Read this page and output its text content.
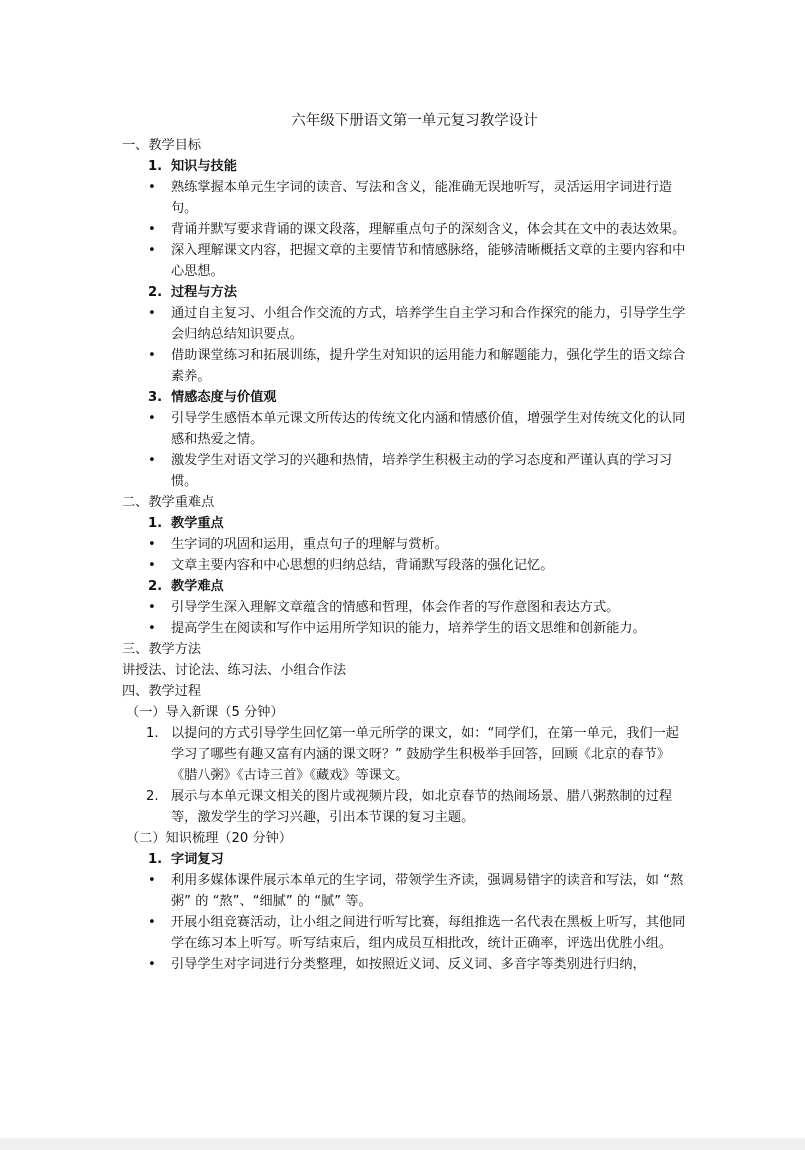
六年级下册语文第一单元复习教学设计
一、教学目标
1. 知识与技能
• 熟练掌握本单元生字词的读音、写法和含义，能准确无误地听写，灵活运用字词进行造句。
• 背诵并默写要求背诵的课文段落，理解重点句子的深刻含义，体会其在文中的表达效果。
• 深入理解课文内容，把握文章的主要情节和情感脉络，能够清晰概括文章的主要内容和中心思想。
2. 过程与方法
• 通过自主复习、小组合作交流的方式，培养学生自主学习和合作探究的能力，引导学生学会归纳总结知识要点。
• 借助课堂练习和拓展训练，提升学生对知识的运用能力和解题能力，强化学生的语文综合素养。
3. 情感态度与价值观
• 引导学生感悟本单元课文所传达的传统文化内涵和情感价值，增强学生对传统文化的认同感和热爱之情。
• 激发学生对语文学习的兴趣和热情，培养学生积极主动的学习态度和严谨认真的学习习惯。
二、教学重难点
1. 教学重点
• 生字词的巩固和运用，重点句子的理解与赏析。
• 文章主要内容和中心思想的归纳总结，背诵默写段落的强化记忆。
2. 教学难点
• 引导学生深入理解文章蕴含的情感和哲理，体会作者的写作意图和表达方式。
• 提高学生在阅读和写作中运用所学知识的能力，培养学生的语文思维和创新能力。
三、教学方法
讲授法、讨论法、练习法、小组合作法
四、教学过程
（一）导入新课（5 分钟）
1. 以提问的方式引导学生回忆第一单元所学的课文，如：“同学们，在第一单元，我们一起学习了哪些有趣又富有内涵的课文呀？” 鼓励学生积极举手回答，回顾《北京的春节》《腊八粥》《古诗三首》《藏戏》等课文。
2. 展示与本单元课文相关的图片或视频片段，如北京春节的热闹场景、腊八粥熬制的过程等，激发学生的学习兴趣，引出本节课的复习主题。
（二）知识梳理（20 分钟）
1. 字词复习
• 利用多媒体课件展示本单元的生字词，带领学生齐读，强调易错字的读音和写法，如 “熬粥” 的 “熬”、“细腻” 的 “腻” 等。
• 开展小组竞赛活动，让小组之间进行听写比赛，每组推选一名代表在黑板上听写，其他同学在练习本上听写。听写结束后，组内成员互相批改，统计正确率，评选出优胜小组。
• 引导学生对字词进行分类整理，如按照近义词、反义词、多音字等类别进行归纳，
